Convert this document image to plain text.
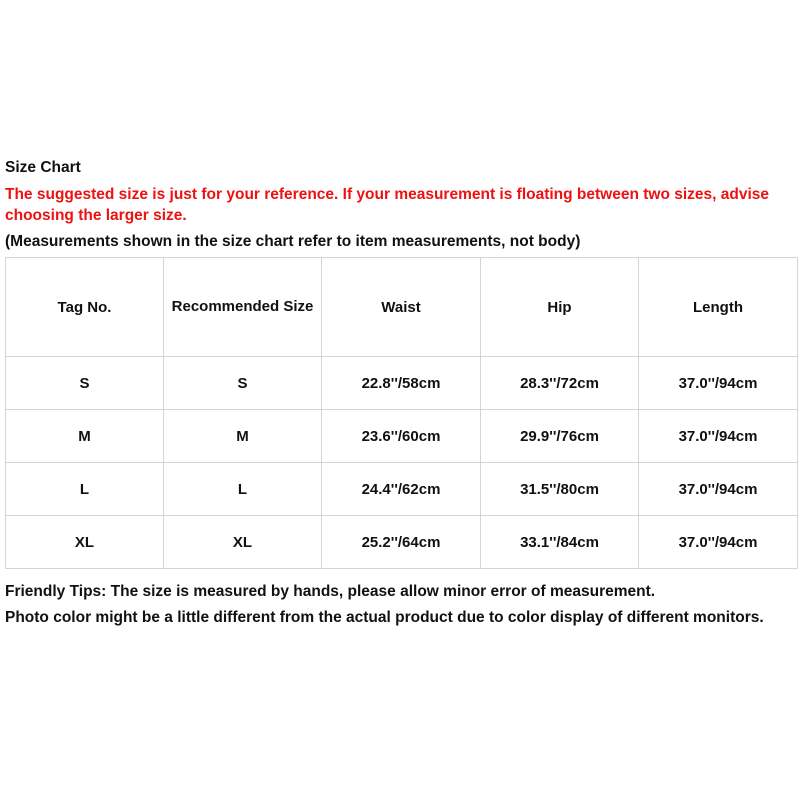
Size Chart
The suggested size is just for your reference. If your measurement is floating between two sizes, advise choosing the larger size.
(Measurements shown in the size chart refer to item measurements, not body)
Tag No.	Recommended Size	Waist	Hip	Length
S	S	22.8''/58cm	28.3''/72cm	37.0''/94cm
M	M	23.6''/60cm	29.9''/76cm	37.0''/94cm
L	L	24.4''/62cm	31.5''/80cm	37.0''/94cm
XL	XL	25.2''/64cm	33.1''/84cm	37.0''/94cm

Friendly Tips: The size is measured by hands, please allow minor error of measurement.

Photo color might be a little different from the actual product due to color display of different monitors.
